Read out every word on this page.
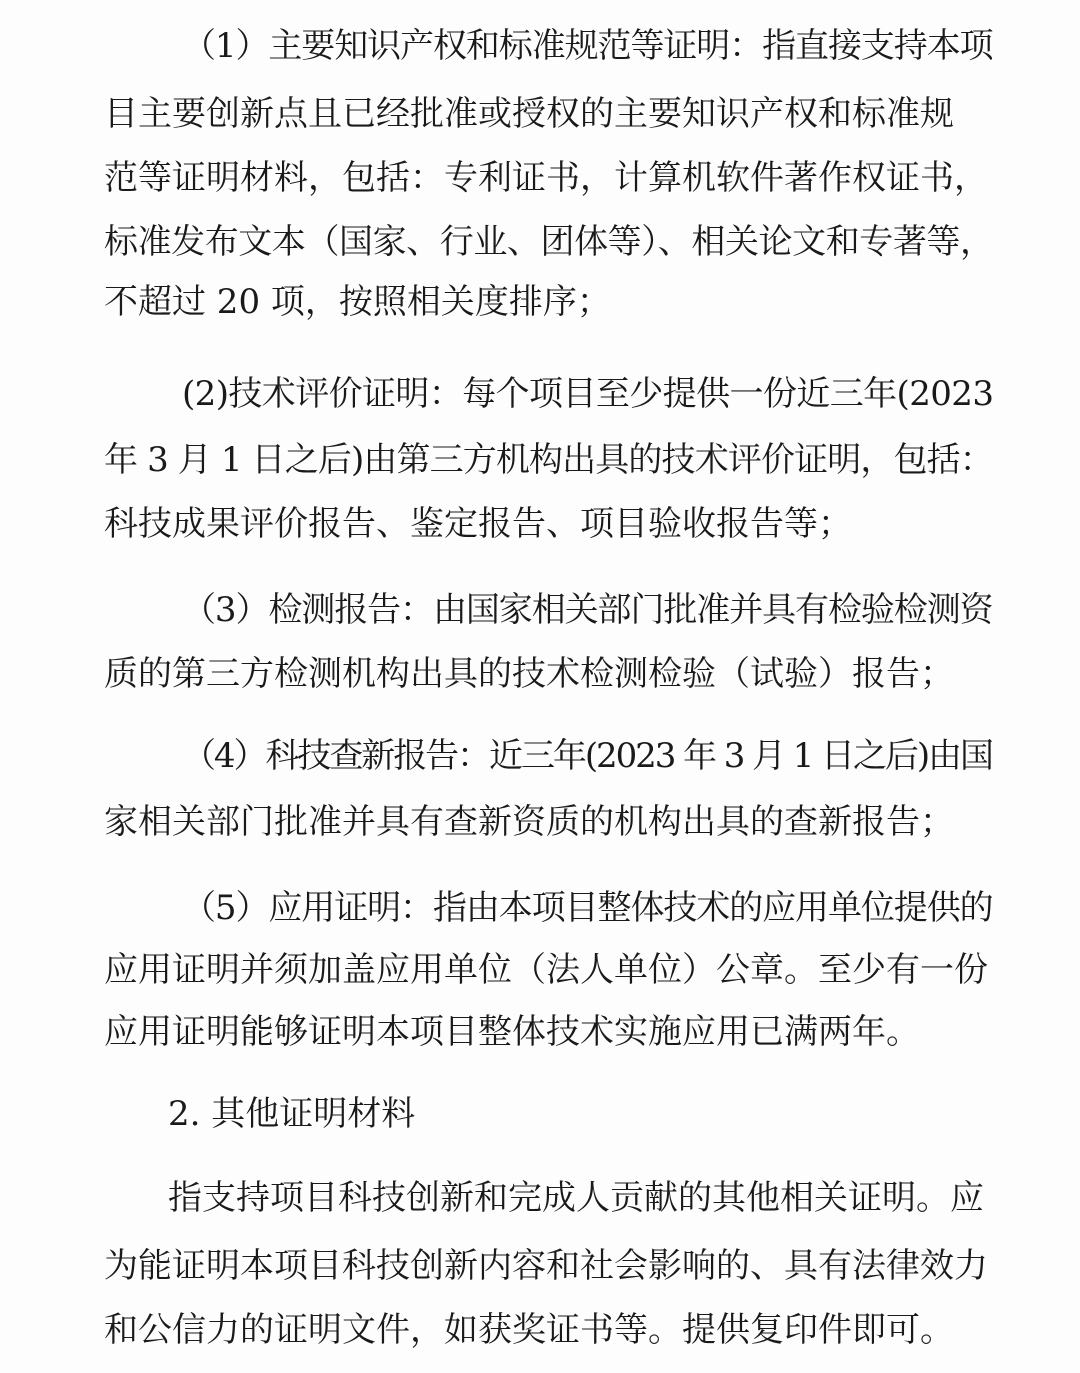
（1）主要知识产权和标准规范等证明：指直接支持本项
目主要创新点且已经批准或授权的主要知识产权和标准规
范等证明材料，包括：专利证书，计算机软件著作权证书，
标准发布文本（国家、行业、团体等）、相关论文和专著等，
不超过 20 项，按照相关度排序；
(2)技术评价证明：每个项目至少提供一份近三年(2023
年 3 月 1 日之后)由第三方机构出具的技术评价证明，包括：
科技成果评价报告、鉴定报告、项目验收报告等；
（3）检测报告：由国家相关部门批准并具有检验检测资
质的第三方检测机构出具的技术检测检验（试验）报告；
（4）科技查新报告：近三年(2023 年 3 月 1 日之后)由国
家相关部门批准并具有查新资质的机构出具的查新报告；
（5）应用证明：指由本项目整体技术的应用单位提供的
应用证明并须加盖应用单位（法人单位）公章。至少有一份
应用证明能够证明本项目整体技术实施应用已满两年。
2. 其他证明材料
指支持项目科技创新和完成人贡献的其他相关证明。应
为能证明本项目科技创新内容和社会影响的、具有法律效力
和公信力的证明文件，如获奖证书等。提供复印件即可。
